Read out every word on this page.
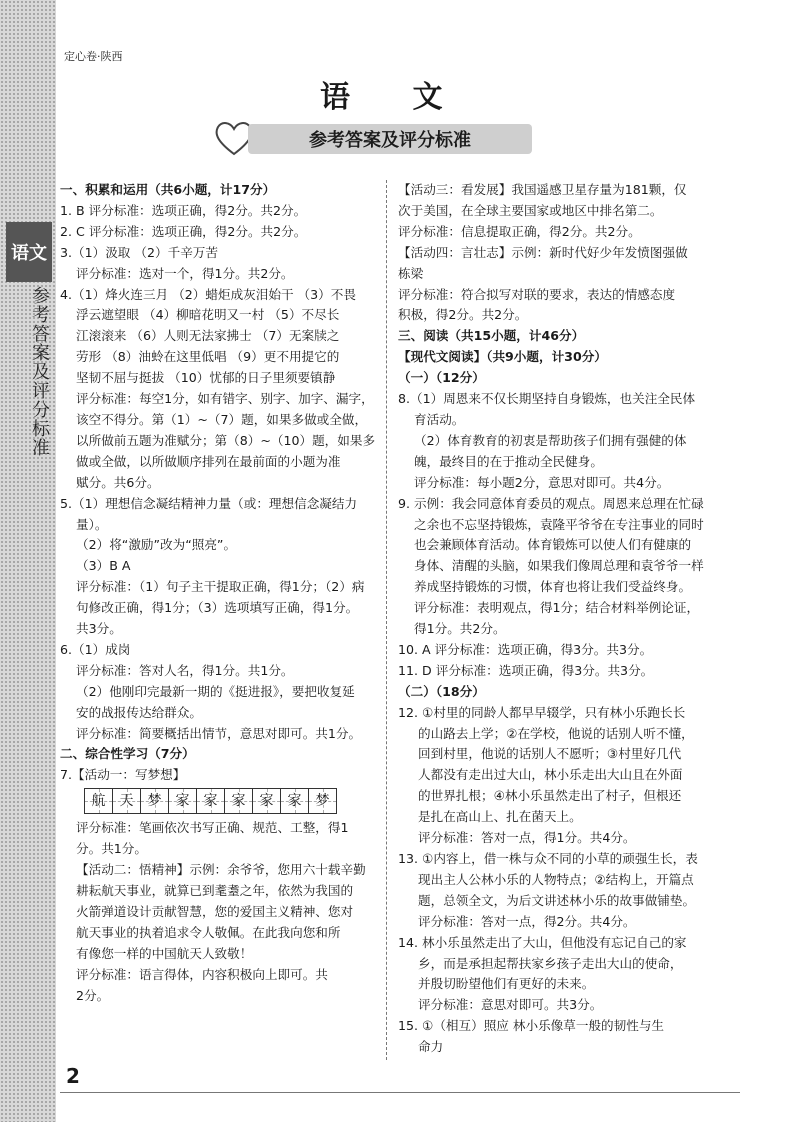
语文
参考答案及评分标准
定心卷·陕西
语 文
参考答案及评分标准
一、积累和运用（共6小题，计17分）
1. B 评分标准：选项正确，得2分。共2分。
2. C 评分标准：选项正确，得2分。共2分。
3.（1）汲取 （2）千辛万苦
评分标准：选对一个，得1分。共2分。
4.（1）烽火连三月 （2）蜡炬成灰泪始干 （3）不畏
浮云遮望眼 （4）柳暗花明又一村 （5）不尽长
江滚滚来 （6）人则无法家拂士 （7）无案牍之
劳形 （8）油蛉在这里低唱 （9）更不用提它的
坚韧不屈与挺拔 （10）忧郁的日子里须要镇静
评分标准：每空1分，如有错字、别字、加字、漏字，
该空不得分。第（1）~（7）题，如果多做或全做，
以所做前五题为准赋分；第（8）~（10）题，如果多
做或全做，以所做顺序排列在最前面的小题为准
赋分。共6分。
5.（1）理想信念凝结精神力量（或：理想信念凝结力
量）。
（2）将“激励”改为“照亮”。
（3）B A
评分标准：（1）句子主干提取正确，得1分；（2）病
句修改正确，得1分；（3）选项填写正确，得1分。
共3分。
6.（1）成岗
评分标准：答对人名，得1分。共1分。
（2）他刚印完最新一期的《挺进报》，要把收复延
安的战报传达给群众。
评分标准：简要概括出情节，意思对即可。共1分。
二、综合性学习（7分）
7.【活动一：写梦想】
航 天 梦 家 家 家 家 家 梦
评分标准：笔画依次书写正确、规范、工整，得1
分。共1分。
【活动二：悟精神】示例：余爷爷，您用六十载辛勤
耕耘航天事业，就算已到耄耋之年，依然为我国的
火箭弹道设计贡献智慧，您的爱国主义精神、您对
航天事业的执着追求令人敬佩。在此我向您和所
有像您一样的中国航天人致敬！
评分标准：语言得体，内容积极向上即可。共
2分。
【活动三：看发展】我国遥感卫星存量为181颗，仅
次于美国，在全球主要国家或地区中排名第二。
评分标准：信息提取正确，得2分。共2分。
【活动四：言壮志】示例：新时代好少年发愤图强做
栋梁
评分标准：符合拟写对联的要求，表达的情感态度
积极，得2分。共2分。
三、阅读（共15小题，计46分）
【现代文阅读】（共9小题，计30分）
（一）（12分）
8.（1）周恩来不仅长期坚持自身锻炼，也关注全民体
育活动。
（2）体育教育的初衷是帮助孩子们拥有强健的体
魄，最终目的在于推动全民健身。
评分标准：每小题2分，意思对即可。共4分。
9. 示例：我会同意体育委员的观点。周恩来总理在忙碌
之余也不忘坚持锻炼，袁隆平爷爷在专注事业的同时
也会兼顾体育活动。体育锻炼可以使人们有健康的
身体、清醒的头脑，如果我们像周总理和袁爷爷一样
养成坚持锻炼的习惯，体育也将让我们受益终身。
评分标准：表明观点，得1分；结合材料举例论证，
得1分。共2分。
10. A 评分标准：选项正确，得3分。共3分。
11. D 评分标准：选项正确，得3分。共3分。
（二）（18分）
12. ①村里的同龄人都早早辍学，只有林小乐跑长长
的山路去上学；②在学校，他说的话别人听不懂，
回到村里，他说的话别人不愿听；③村里好几代
人都没有走出过大山，林小乐走出大山且在外面
的世界扎根；④林小乐虽然走出了村子，但根还
是扎在高山上、扎在菌天上。
评分标准：答对一点，得1分。共4分。
13. ①内容上，借一株与众不同的小草的顽强生长，表
现出主人公林小乐的人物特点；②结构上，开篇点
题，总领全文，为后文讲述林小乐的故事做铺垫。
评分标准：答对一点，得2分。共4分。
14. 林小乐虽然走出了大山，但他没有忘记自己的家
乡，而是承担起帮扶家乡孩子走出大山的使命，
并殷切盼望他们有更好的未来。
评分标准：意思对即可。共3分。
15. ①（相互）照应 林小乐像草一般的韧性与生
命力
2
